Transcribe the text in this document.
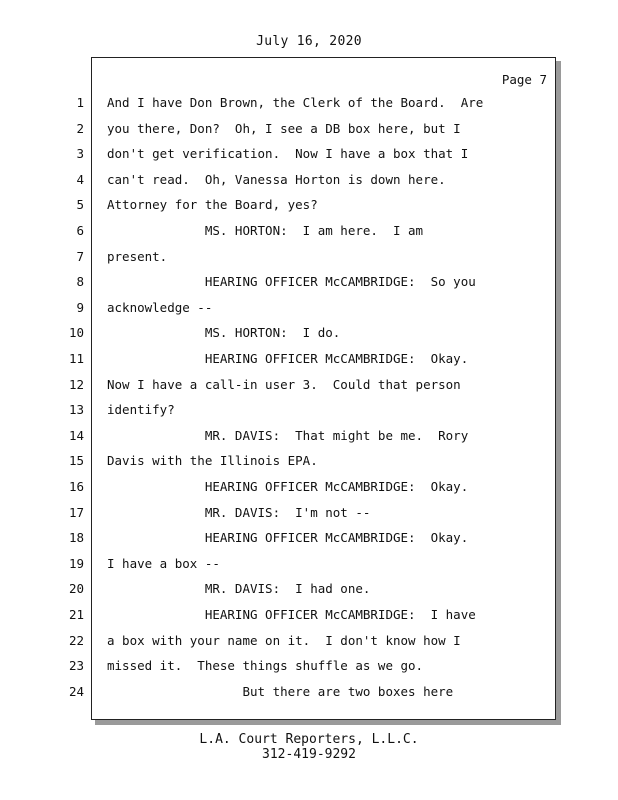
July 16, 2020
Page 7
1 And I have Don Brown, the Clerk of the Board.  Are
2 you there, Don?  Oh, I see a DB box here, but I
3 don't get verification.  Now I have a box that I
4 can't read.  Oh, Vanessa Horton is down here.
5 Attorney for the Board, yes?
6 MS. HORTON:  I am here.  I am
7 present.
8 HEARING OFFICER McCAMBRIDGE:  So you
9 acknowledge --
10 MS. HORTON:  I do.
11 HEARING OFFICER McCAMBRIDGE:  Okay.
12 Now I have a call-in user 3.  Could that person
13 identify?
14 MR. DAVIS:  That might be me.  Rory
15 Davis with the Illinois EPA.
16 HEARING OFFICER McCAMBRIDGE:  Okay.
17 MR. DAVIS:  I'm not --
18 HEARING OFFICER McCAMBRIDGE:  Okay.
19 I have a box --
20 MR. DAVIS:  I had one.
21 HEARING OFFICER McCAMBRIDGE:  I have
22 a box with your name on it.  I don't know how I
23 missed it.  These things shuffle as we go.
24 But there are two boxes here
L.A. Court Reporters, L.L.C.
312-419-9292
